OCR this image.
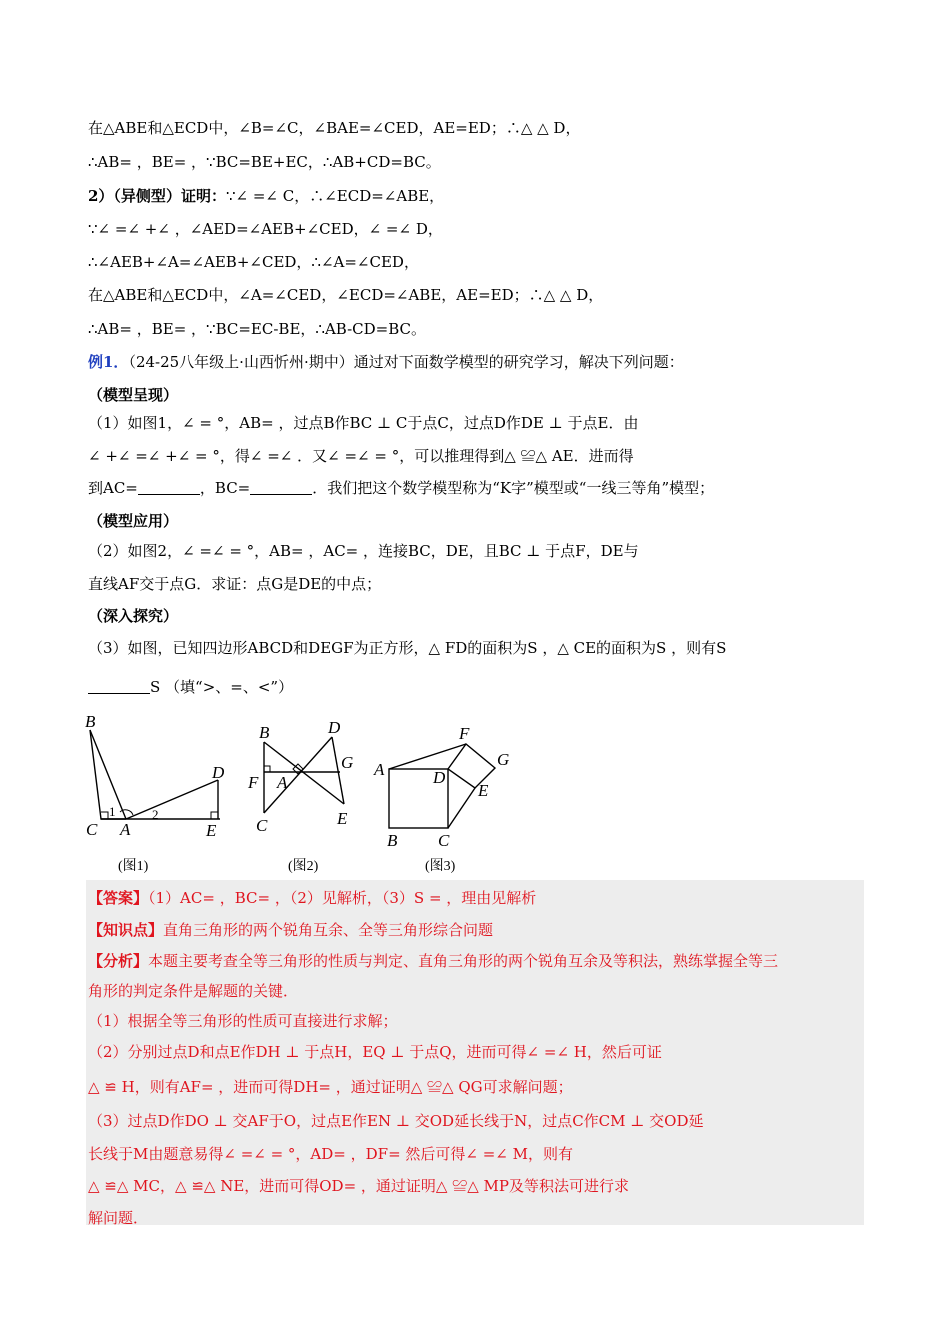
在△ABE和△ECD中，∠B=∠C，∠BAE=∠CED，AE=ED；∴△ △ D，
∴AB= ，BE= ，∵BC=BE+EC，∴AB+CD=BC。
2）（异侧型）证明：∵∠ =∠ C，∴∠ECD=∠ABE，
∵∠ =∠ +∠ ，∠AED=∠AEB+∠CED，∠ =∠ D，
∴∠AEB+∠A=∠AEB+∠CED，∴∠A=∠CED，
在△ABE和△ECD中，∠A=∠CED，∠ECD=∠ABE，AE=ED；∴△ △ D，
∴AB= ，BE= ，∵BC=EC-BE，∴AB-CD=BC。
例1．（24-25八年级上·山西忻州·期中）通过对下面数学模型的研究学习，解决下列问题：
（模型呈现）
（1）如图1，∠ = °，AB= ，过点B作BC ⊥ C于点C，过点D作DE ⊥ 于点E．由
∠ +∠ =∠ +∠ = °，得∠ =∠ ．又∠ =∠ = °，可以推理得到△ ≌△ AE．进而得
到AC=	，BC=	．我们把这个数学模型称为“K字”模型或“一线三等角”模型；
（模型应用）
（2）如图2，∠ =∠ = °，AB= ，AC= ，连接BC，DE，且BC ⊥ 于点F，DE与
直线AF交于点G．求证：点G是DE的中点；
（深入探究）
（3）如图，已知四边形ABCD和DEGF为正方形，△ FD的面积为S ，△ CE的面积为S ，则有S
S （填“>、=、<”）
B
D
C A	E
1	2
(图1)
B	D
G
F A
C	E
(图2)
F
G
A	D
E
B C
(图3)
【答案】（1）AC= ，BC= ，（2）见解析，（3）S = ，理由见解析
【知识点】直角三角形的两个锐角互余、全等三角形综合问题
【分析】本题主要考查全等三角形的性质与判定、直角三角形的两个锐角互余及等积法，熟练掌握全等三
角形的判定条件是解题的关键．
（1）根据全等三角形的性质可直接进行求解；
（2）分别过点D和点E作DH ⊥ 于点H，EQ ⊥ 于点Q，进而可得∠ =∠ H，然后可证
△ ≌ H，则有AF= ，进而可得DH= ，通过证明△ ≌△ QG可求解问题；
（3）过点D作DO ⊥ 交AF于O，过点E作EN ⊥ 交OD延长线于N，过点C作CM ⊥ 交OD延
长线于M由题意易得∠ =∠ = °，AD= ，DF= 然后可得∠ =∠ M，则有
△ ≌△ MC，△ ≌△ NE，进而可得OD= ，通过证明△ ≌△ MP及等积法可进行求
解问题．
